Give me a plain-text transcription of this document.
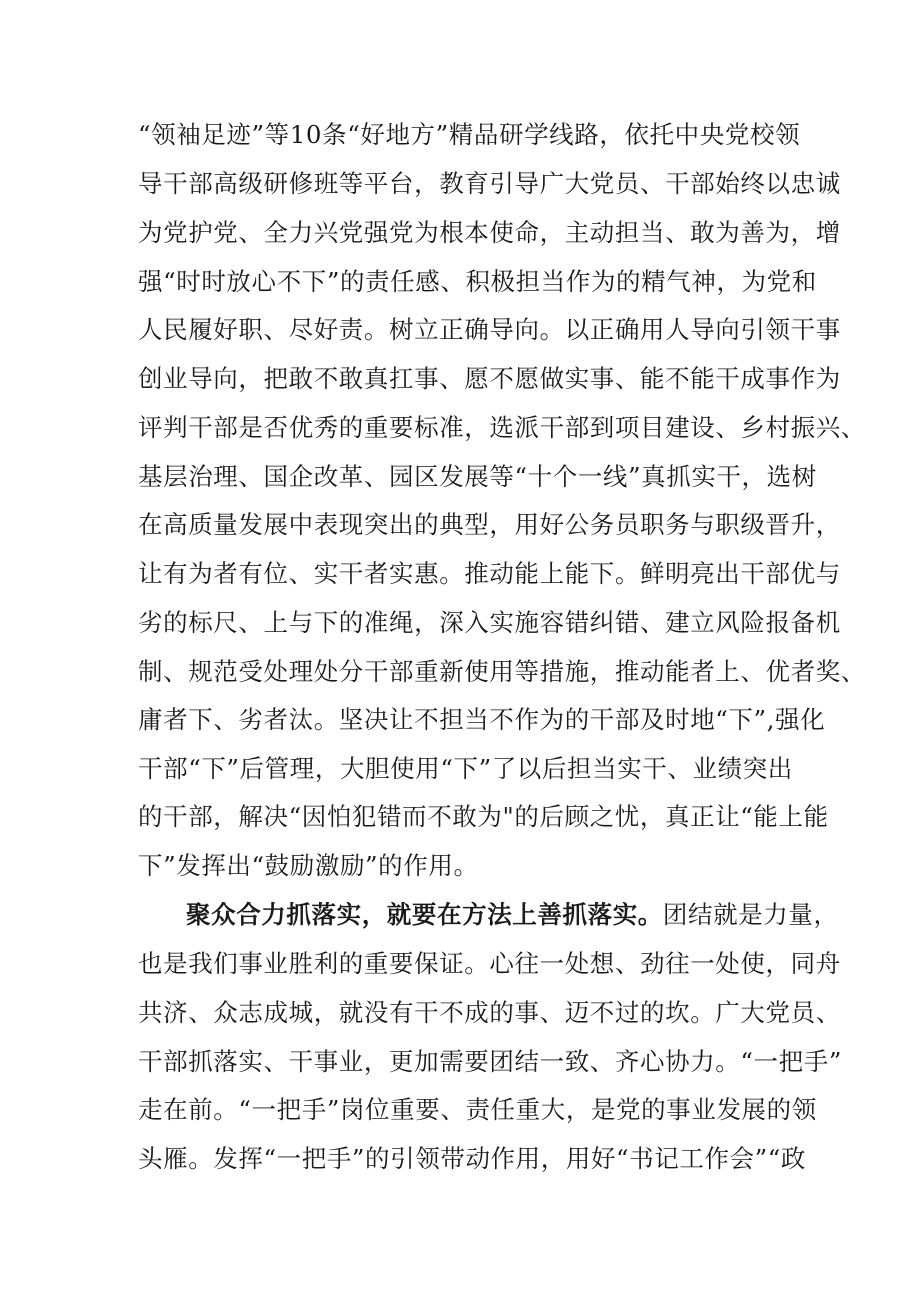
“领袖足迹”等10条“好地方”精品研学线路，依托中央党校领
导干部高级研修班等平台，教育引导广大党员、干部始终以忠诚
为党护党、全力兴党强党为根本使命，主动担当、敢为善为，增
强“时时放心不下”的责任感、积极担当作为的精气神，为党和
人民履好职、尽好责。树立正确导向。以正确用人导向引领干事
创业导向，把敢不敢真扛事、愿不愿做实事、能不能干成事作为
评判干部是否优秀的重要标准，选派干部到项目建设、乡村振兴、
基层治理、国企改革、园区发展等“十个一线”真抓实干，选树
在高质量发展中表现突出的典型，用好公务员职务与职级晋升，
让有为者有位、实干者实惠。推动能上能下。鲜明亮出干部优与
劣的标尺、上与下的准绳，深入实施容错纠错、建立风险报备机
制、规范受处理处分干部重新使用等措施，推动能者上、优者奖、
庸者下、劣者汰。坚决让不担当不作为的干部及时地“下”,强化
干部“下”后管理，大胆使用“下”了以后担当实干、业绩突出
的干部，解决“因怕犯错而不敢为"的后顾之忧，真正让“能上能
下”发挥出“鼓励激励”的作用。
聚众合力抓落实，就要在方法上善抓落实。团结就是力量，
也是我们事业胜利的重要保证。心往一处想、劲往一处使，同舟
共济、众志成城，就没有干不成的事、迈不过的坎。广大党员、
干部抓落实、干事业，更加需要团结一致、齐心协力。“一把手”
走在前。“一把手”岗位重要、责任重大，是党的事业发展的领
头雁。发挥“一把手”的引领带动作用，用好“书记工作会”“政
